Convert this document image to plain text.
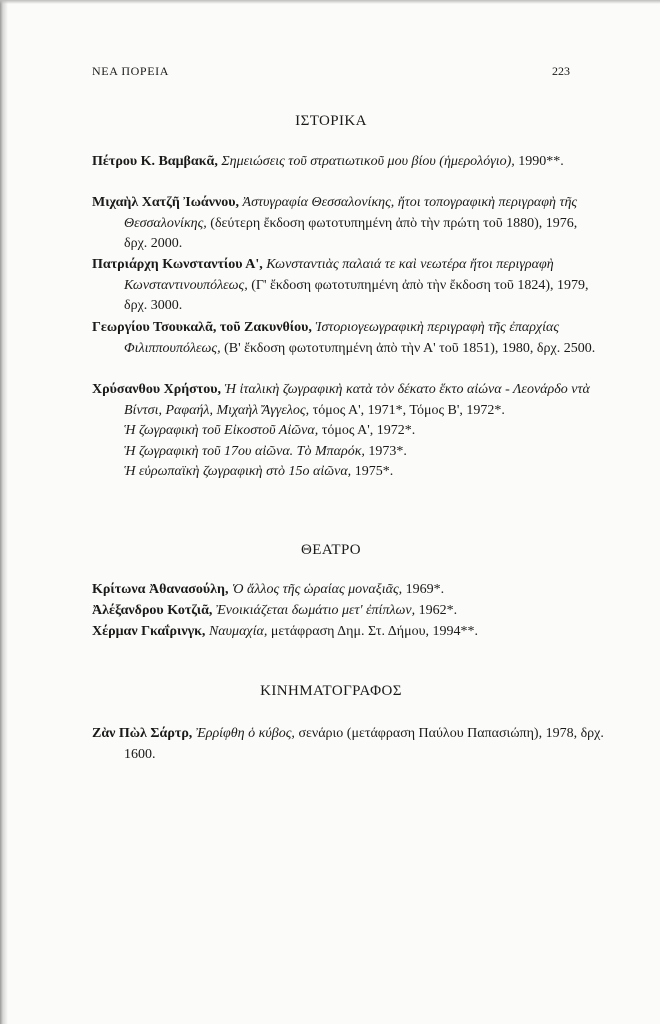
ΝΕΑ ΠΟΡΕΙΑ	223
ΙΣΤΟΡΙΚΑ

Πέτρου Κ. Βαμβακᾶ, Σημειώσεις τοῦ στρατιωτικοῦ μου βίου (ἡμερολόγιο), 1990**.

Μιχαὴλ Χατζῆ Ἰωάννου, Ἀστυγραφία Θεσσαλονίκης, ἤτοι τοπογραφικὴ περιγραφὴ τῆς Θεσσαλονίκης, (δεύτερη ἔκδοση φωτοτυπημένη ἀπὸ τὴν πρώτη τοῦ 1880), 1976, δρχ. 2000.

Πατριάρχη Κωνσταντίου Α', Κωνσταντιὰς παλαιά τε καὶ νεωτέρα ἤτοι περιγραφὴ Κωνσταντινουπόλεως, (Γ' ἔκδοση φωτοτυπημένη ἀπὸ τὴν ἔκδοση τοῦ 1824), 1979, δρχ. 3000.

Γεωργίου Τσουκαλᾶ, τοῦ Ζακυνθίου, Ἱστοριογεωγραφικὴ περιγραφὴ τῆς ἐπαρχίας Φιλιππουπόλεως, (Β' ἔκδοση φωτοτυπημένη ἀπὸ τὴν Α' τοῦ 1851), 1980, δρχ. 2500.

Χρύσανθου Χρήστου, Ἡ ἰταλικὴ ζωγραφικὴ κατὰ τὸν δέκατο ἕκτο αἰώνα - Λεονάρδο ντὰ Βίντσι, Ραφαήλ, Μιχαὴλ Ἄγγελος, τόμος Α', 1971*, Τόμος Β', 1972*.
Ἡ ζωγραφικὴ τοῦ Εἰκοστοῦ Αἰῶνα, τόμος Α', 1972*.
Ἡ ζωγραφικὴ τοῦ 17ου αἰῶνα. Τὸ Μπαρόκ, 1973*.
Ἡ εὐρωπαϊκὴ ζωγραφικὴ στὸ 15ο αἰῶνα, 1975*.

ΘΕΑΤΡΟ

Κρίτωνα Ἀθανασούλη, Ὁ ἄλλος τῆς ὡραίας μοναξιᾶς, 1969*.

Ἀλέξανδρου Κοτζιᾶ, Ἐνοικιάζεται δωμάτιο μετ' ἐπίπλων, 1962*.

Χέρμαν Γκαΐρινγκ, Ναυμαχία, μετάφραση Δημ. Στ. Δήμου, 1994**.

ΚΙΝΗΜΑΤΟΓΡΑΦΟΣ

Ζὰν Πὼλ Σάρτρ, Ἐρρίφθη ὁ κύβος, σενάριο (μετάφραση Παύλου Παπασιώπη), 1978, δρχ. 1600.
